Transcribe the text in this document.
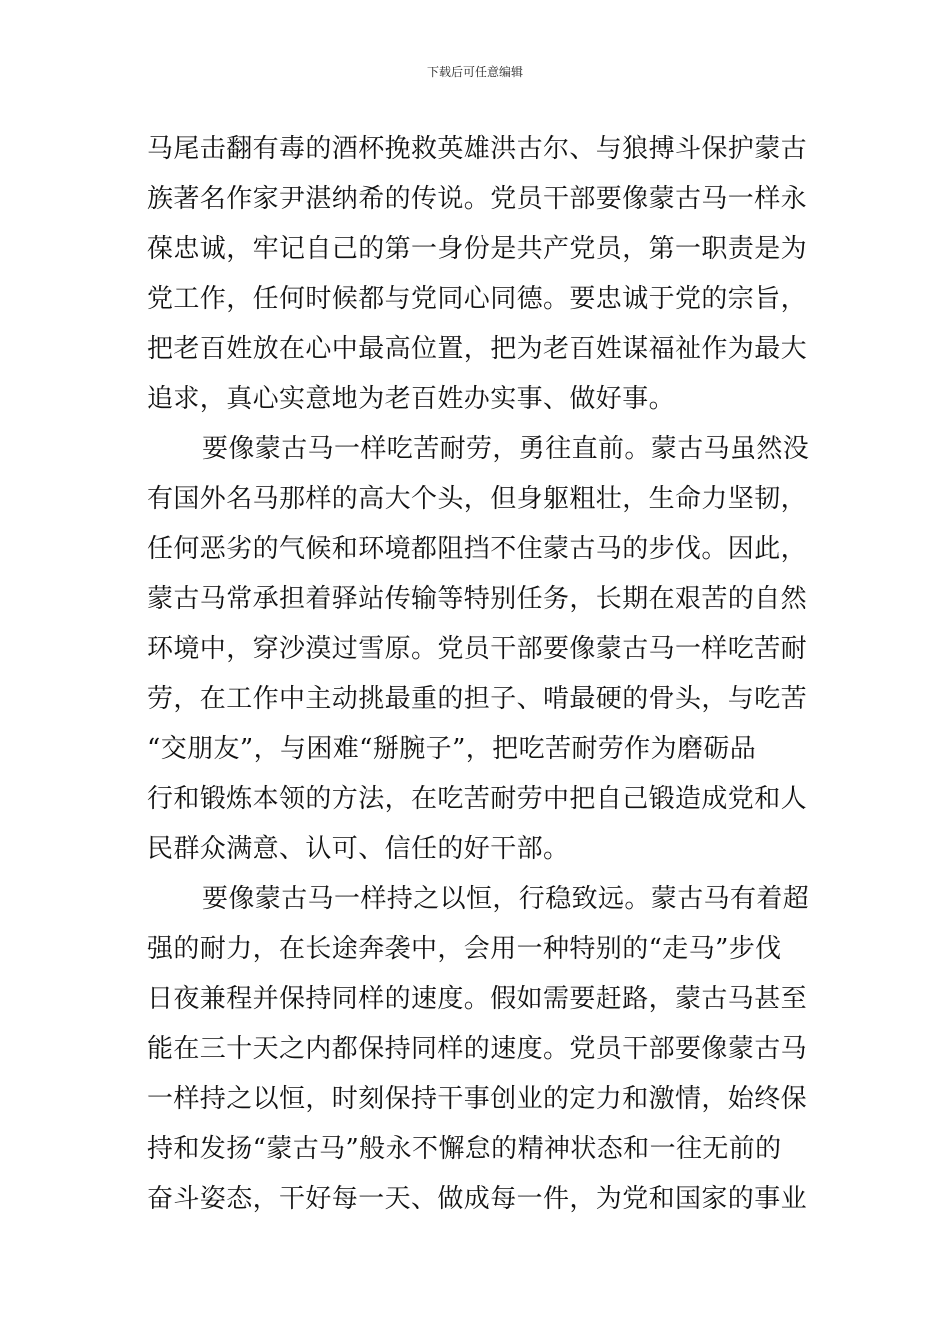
下载后可任意编辑
马尾击翻有毒的酒杯挽救英雄洪古尔、与狼搏斗保护蒙古
族著名作家尹湛纳希的传说。党员干部要像蒙古马一样永
葆忠诚，牢记自己的第一身份是共产党员，第一职责是为
党工作，任何时候都与党同心同德。要忠诚于党的宗旨，
把老百姓放在心中最高位置，把为老百姓谋福祉作为最大
追求，真心实意地为老百姓办实事、做好事。
要像蒙古马一样吃苦耐劳，勇往直前。蒙古马虽然没
有国外名马那样的高大个头，但身躯粗壮，生命力坚韧，
任何恶劣的气候和环境都阻挡不住蒙古马的步伐。因此，
蒙古马常承担着驿站传输等特别任务，长期在艰苦的自然
环境中，穿沙漠过雪原。党员干部要像蒙古马一样吃苦耐
劳，在工作中主动挑最重的担子、啃最硬的骨头，与吃苦
“交朋友”，与困难“掰腕子”，把吃苦耐劳作为磨砺品
行和锻炼本领的方法，在吃苦耐劳中把自己锻造成党和人
民群众满意、认可、信任的好干部。
要像蒙古马一样持之以恒，行稳致远。蒙古马有着超
强的耐力，在长途奔袭中，会用一种特别的“走马”步伐
日夜兼程并保持同样的速度。假如需要赶路，蒙古马甚至
能在三十天之内都保持同样的速度。党员干部要像蒙古马
一样持之以恒，时刻保持干事创业的定力和激情，始终保
持和发扬“蒙古马”般永不懈怠的精神状态和一往无前的
奋斗姿态，干好每一天、做成每一件，为党和国家的事业
